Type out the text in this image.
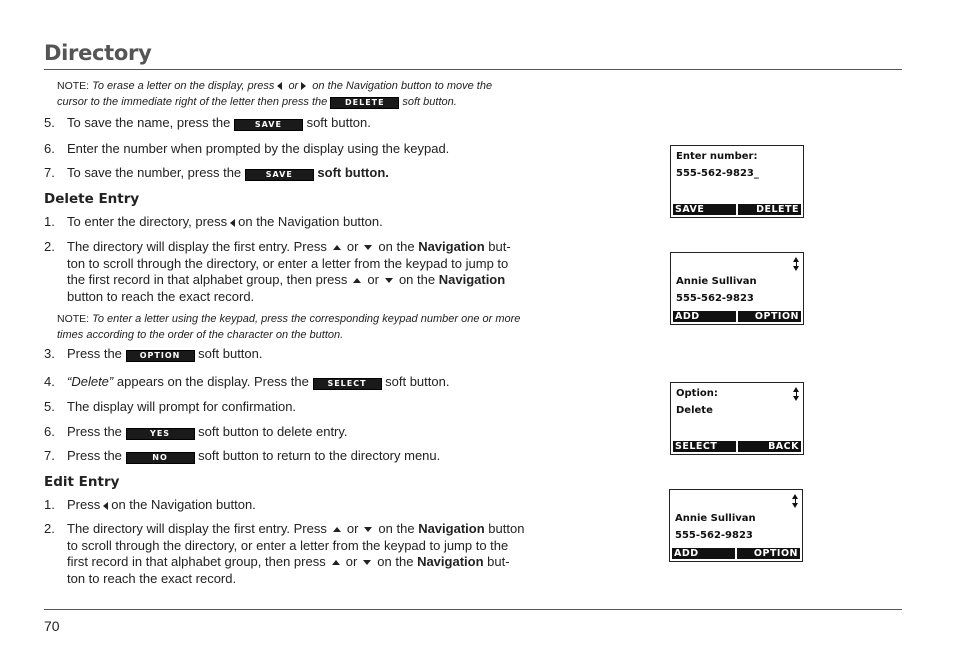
Directory
NOTE: To erase a letter on the display, press or on the Navigation button to move the
cursor to the immediate right of the letter then press the DELETE soft button.
5. To save the name, press the	SAVE soft button.
6. Enter the number when prompted by the display using the keypad.
7. To save the number, press the	SAVE soft button.
Delete Entry
1. To enter the directory, press on the Navigation button.
2. The directory will display the first entry. Press or on the Navigation but-
ton to scroll through the directory, or enter a letter from the keypad to jump to
the first record in that alphabet group, then press or on the Navigation
button to reach the exact record.
NOTE: To enter a letter using the keypad, press the corresponding keypad number one or more
times according to the order of the character on the button.
3. Press the OPTION soft button.
4. “Delete” appears on the display. Press the SELECT soft button.
5. The display will prompt for confirmation.
6. Press the	YES soft button to delete entry.
7. Press the	NO soft button to return to the directory menu.
Edit Entry
1. Press on the Navigation button.
2. The directory will display the first entry. Press or on the Navigation button
to scroll through the directory, or enter a letter from the keypad to jump to the
first record in that alphabet group, then press or on the Navigation but-
ton to reach the exact record.
Enter number:
555-562-9823_
SAVE	DELETE
Annie Sullivan
555-562-9823
ADD	OPTION
Option:
Delete
SELECT	BACK
Annie Sullivan
555-562-9823
ADD	OPTION
70
